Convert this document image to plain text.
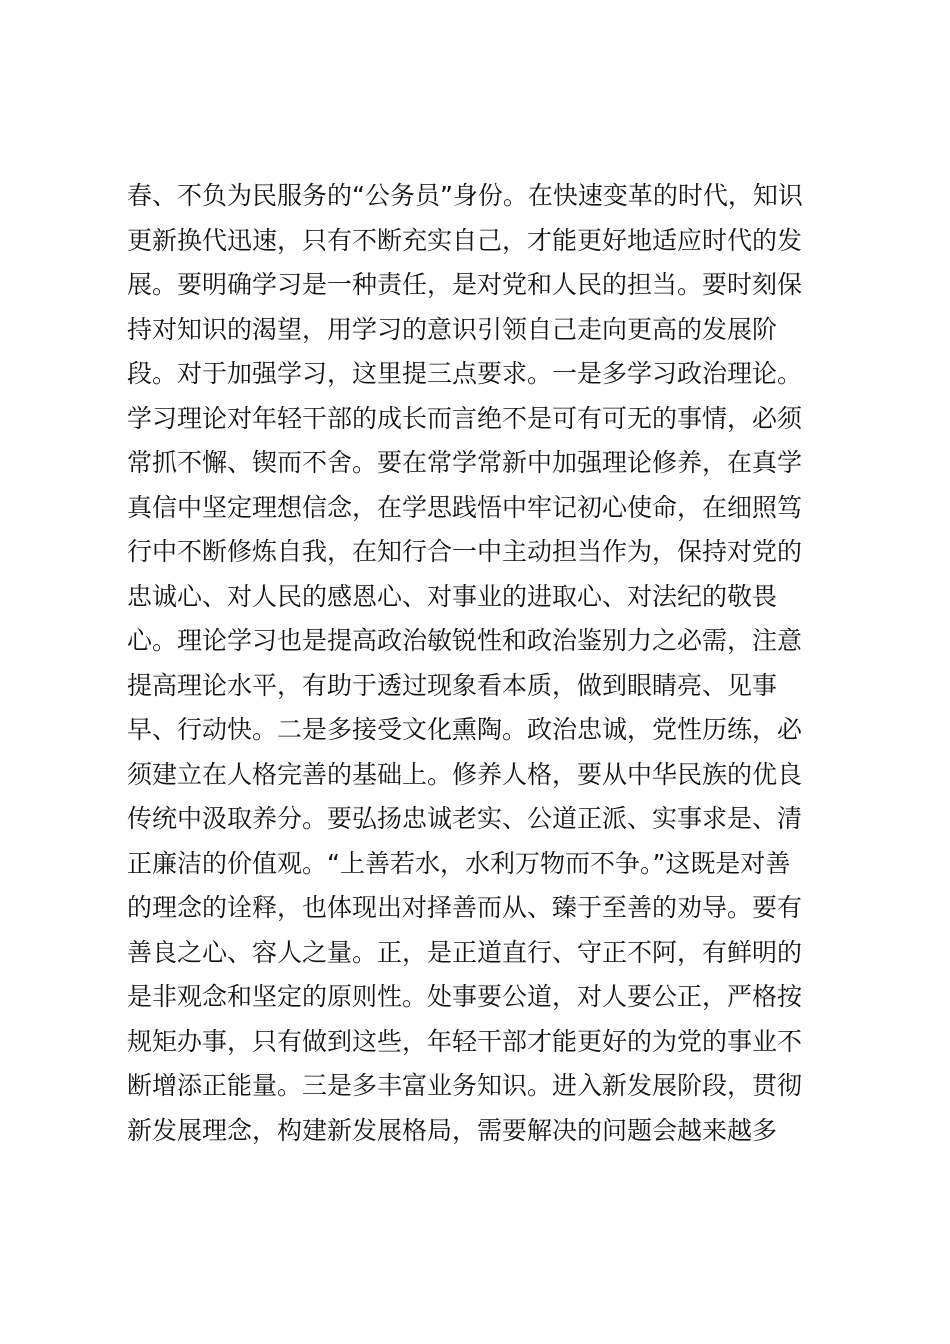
春、不负为民服务的“公务员”身份。在快速变革的时代，知识
更新换代迅速，只有不断充实自己，才能更好地适应时代的发
展。要明确学习是一种责任，是对党和人民的担当。要时刻保
持对知识的渴望，用学习的意识引领自己走向更高的发展阶
段。对于加强学习，这里提三点要求。一是多学习政治理论。
学习理论对年轻干部的成长而言绝不是可有可无的事情，必须
常抓不懈、锲而不舍。要在常学常新中加强理论修养，在真学
真信中坚定理想信念，在学思践悟中牢记初心使命，在细照笃
行中不断修炼自我，在知行合一中主动担当作为，保持对党的
忠诚心、对人民的感恩心、对事业的进取心、对法纪的敬畏
心。理论学习也是提高政治敏锐性和政治鉴别力之必需，注意
提高理论水平，有助于透过现象看本质，做到眼睛亮、见事
早、行动快。二是多接受文化熏陶。政治忠诚，党性历练，必
须建立在人格完善的基础上。修养人格，要从中华民族的优良
传统中汲取养分。要弘扬忠诚老实、公道正派、实事求是、清
正廉洁的价值观。“上善若水，水利万物而不争。”这既是对善
的理念的诠释，也体现出对择善而从、臻于至善的劝导。要有
善良之心、容人之量。正，是正道直行、守正不阿，有鲜明的
是非观念和坚定的原则性。处事要公道，对人要公正，严格按
规矩办事，只有做到这些，年轻干部才能更好的为党的事业不
断增添正能量。三是多丰富业务知识。进入新发展阶段，贯彻
新发展理念，构建新发展格局，需要解决的问题会越来越多
